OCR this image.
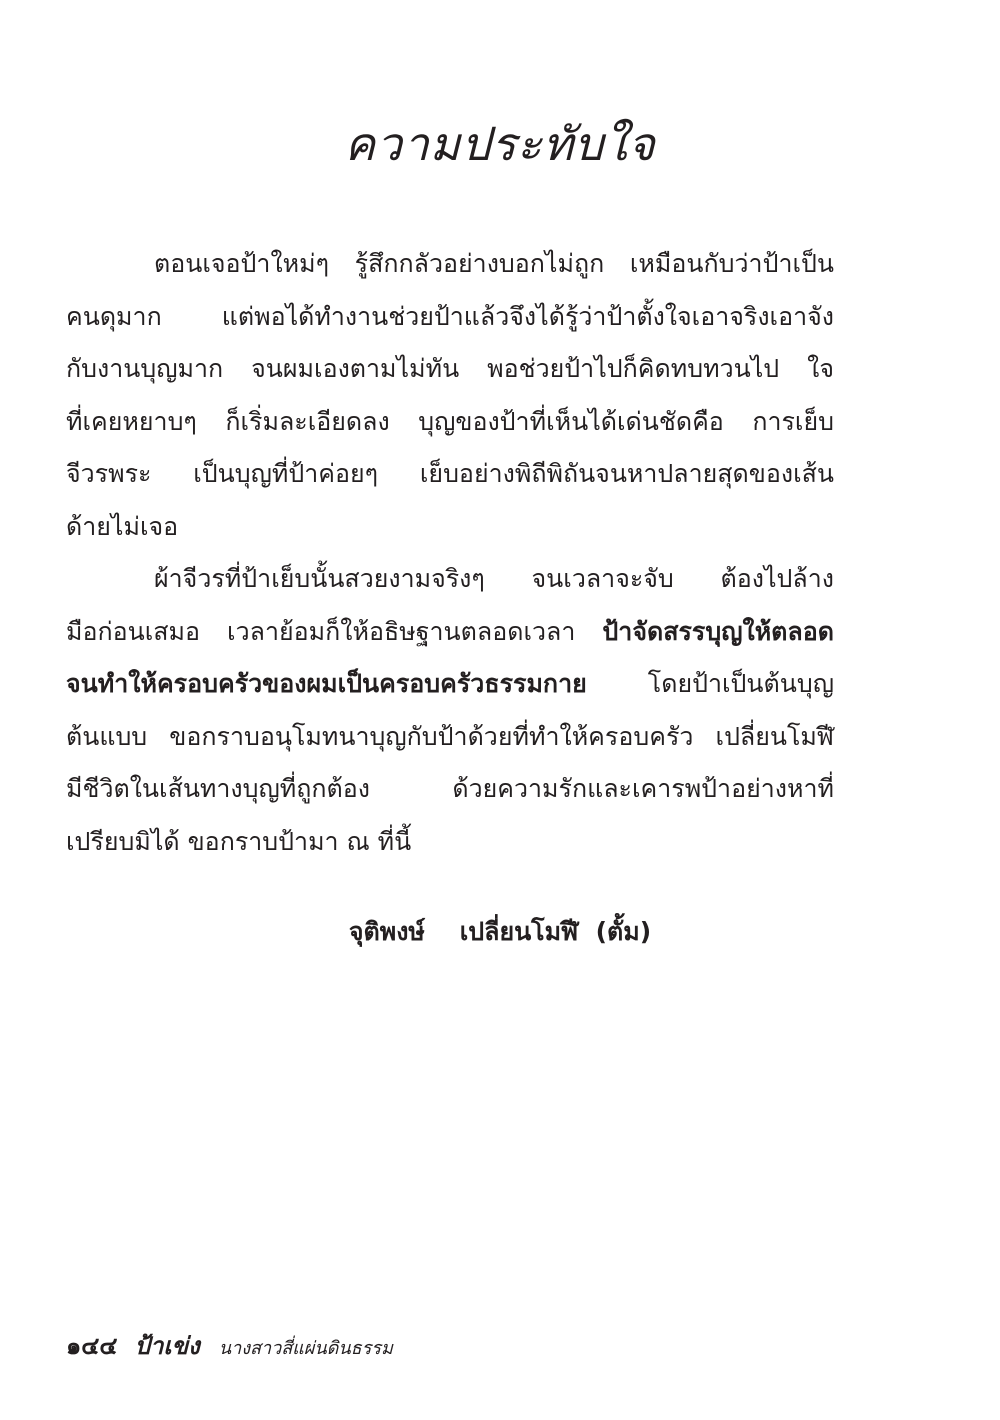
ความประทับใจ
ตอนเจอป้าใหม่ๆ รู้สึกกลัวอย่างบอกไม่ถูก เหมือนกับว่าป้าเป็น
คนดุมาก แต่พอได้ทำงานช่วยป้าแล้วจึงได้รู้ว่าป้าตั้งใจเอาจริงเอาจัง
กับงานบุญมาก จนผมเองตามไม่ทัน พอช่วยป้าไปก็คิดทบทวนไป ใจ
ที่เคยหยาบๆ ก็เริ่มละเอียดลง บุญของป้าที่เห็นได้เด่นชัดคือ การเย็บ
จีวรพระ เป็นบุญที่ป้าค่อยๆ เย็บอย่างพิถีพิถันจนหาปลายสุดของเส้น
ด้ายไม่เจอ
ผ้าจีวรที่ป้าเย็บนั้นสวยงามจริงๆ จนเวลาจะจับ ต้องไปล้าง
มือก่อนเสมอ เวลาย้อมก็ให้อธิษฐานตลอดเวลา ป้าจัดสรรบุญให้ตลอด
จนทำให้ครอบครัวของผมเป็นครอบครัวธรรมกาย โดยป้าเป็นต้นบุญ
ต้นแบบ ขอกราบอนุโมทนาบุญกับป้าด้วยที่ทำให้ครอบครัว เปลี่ยนโมฬี
มีชีวิตในเส้นทางบุญที่ถูกต้อง ด้วยความรักและเคารพป้าอย่างหาที่
เปรียบมิได้ ขอกราบป้ามา ณ ที่นี้
จุติพงษ์    เปลี่ยนโมฬี  (ตั้ม)
๑๔๔ ป้าเข่ง นางสาวสี่แผ่นดินธรรม
